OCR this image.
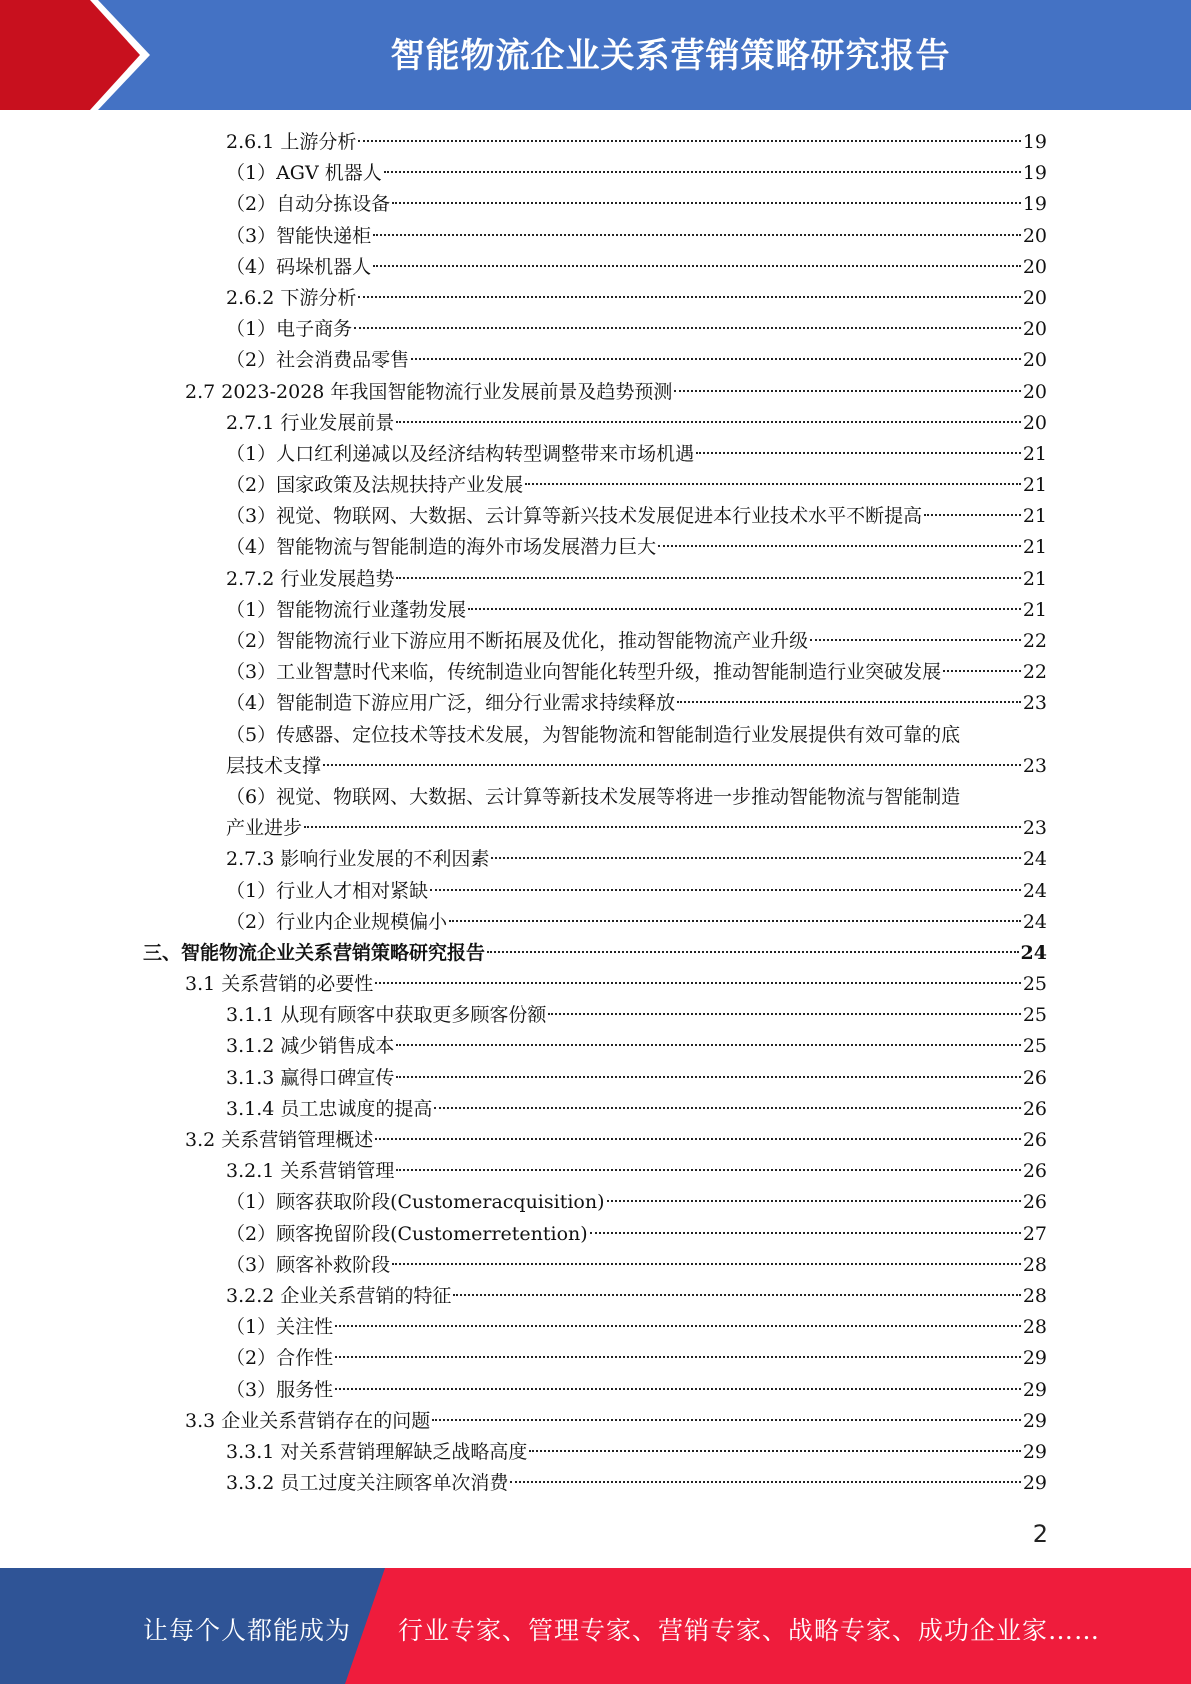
智能物流企业关系营销策略研究报告
2.6.1 上游分析	19
（1）AGV 机器人	19
（2）自动分拣设备	19
（3）智能快递柜	20
（4）码垛机器人	20
2.6.2 下游分析	20
（1）电子商务	20
（2）社会消费品零售	20
2.7 2023-2028 年我国智能物流行业发展前景及趋势预测	20
2.7.1 行业发展前景	20
（1）人口红利递减以及经济结构转型调整带来市场机遇	21
（2）国家政策及法规扶持产业发展	21
（3）视觉、物联网、大数据、云计算等新兴技术发展促进本行业技术水平不断提高	21
（4）智能物流与智能制造的海外市场发展潜力巨大	21
2.7.2 行业发展趋势	21
（1）智能物流行业蓬勃发展	21
（2）智能物流行业下游应用不断拓展及优化，推动智能物流产业升级	22
（3）工业智慧时代来临，传统制造业向智能化转型升级，推动智能制造行业突破发展	22
（4）智能制造下游应用广泛，细分行业需求持续释放	23
（5）传感器、定位技术等技术发展，为智能物流和智能制造行业发展提供有效可靠的底
层技术支撑	23
（6）视觉、物联网、大数据、云计算等新技术发展等将进一步推动智能物流与智能制造
产业进步	23
2.7.3 影响行业发展的不利因素	24
（1）行业人才相对紧缺	24
（2）行业内企业规模偏小	24
三、智能物流企业关系营销策略研究报告	24
3.1 关系营销的必要性	25
3.1.1 从现有顾客中获取更多顾客份额	25
3.1.2 减少销售成本	25
3.1.3 赢得口碑宣传	26
3.1.4 员工忠诚度的提高	26
3.2 关系营销管理概述	26
3.2.1 关系营销管理	26
（1）顾客获取阶段(Customeracquisition)	26
（2）顾客挽留阶段(Customerretention)	27
（3）顾客补救阶段	28
3.2.2 企业关系营销的特征	28
（1）关注性	28
（2）合作性	29
（3）服务性	29
3.3 企业关系营销存在的问题	29
3.3.1 对关系营销理解缺乏战略高度	29
3.3.2 员工过度关注顾客单次消费	29
2
让每个人都能成为 行业专家、管理专家、营销专家、战略专家、成功企业家……
